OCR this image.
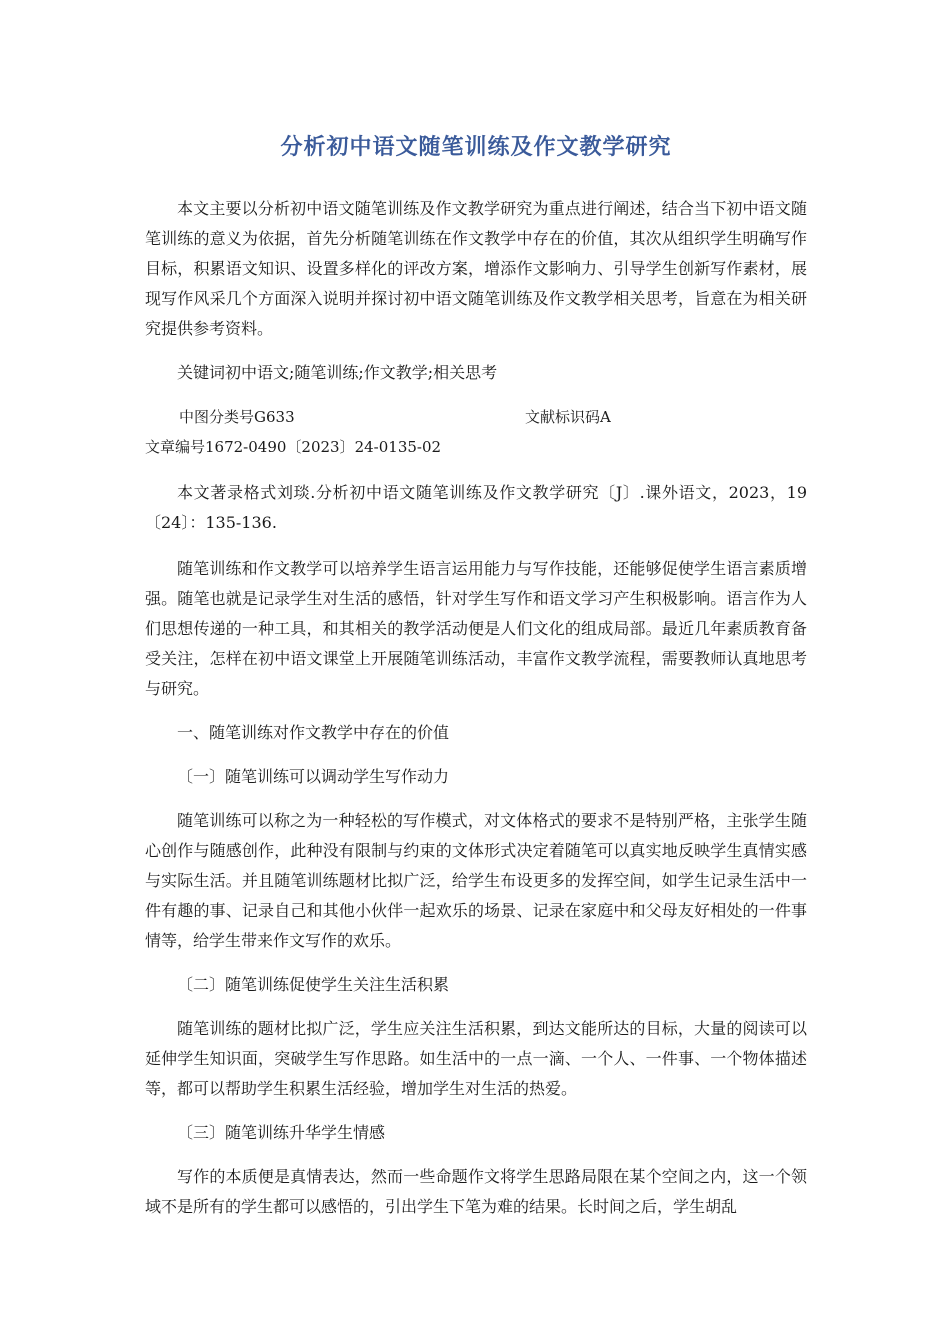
分析初中语文随笔训练及作文教学研究

本文主要以分析初中语文随笔训练及作文教学研究为重点进行阐述，结合当下初中语文随笔训练的意义为依据，首先分析随笔训练在作文教学中存在的价值，其次从组织学生明确写作目标，积累语文知识、设置多样化的评改方案，增添作文影响力、引导学生创新写作素材，展现写作风采几个方面深入说明并探讨初中语文随笔训练及作文教学相关思考，旨意在为相关研究提供参考资料。

关键词初中语文;随笔训练;作文教学;相关思考

中图分类号G633	文献标识码A
文章编号1672-0490〔2023〕24-0135-02

本文著录格式刘琰.分析初中语文随笔训练及作文教学研究〔J〕.课外语文，2023，19〔24〕：135-136.

随笔训练和作文教学可以培养学生语言运用能力与写作技能，还能够促使学生语言素质增强。随笔也就是记录学生对生活的感悟，针对学生写作和语文学习产生积极影响。语言作为人们思想传递的一种工具，和其相关的教学活动便是人们文化的组成局部。最近几年素质教育备受关注，怎样在初中语文课堂上开展随笔训练活动，丰富作文教学流程，需要教师认真地思考与研究。

一、随笔训练对作文教学中存在的价值
〔一〕随笔训练可以调动学生写作动力

随笔训练可以称之为一种轻松的写作模式，对文体格式的要求不是特别严格，主张学生随心创作与随感创作，此种没有限制与约束的文体形式决定着随笔可以真实地反映学生真情实感与实际生活。并且随笔训练题材比拟广泛，给学生布设更多的发挥空间，如学生记录生活中一件有趣的事、记录自己和其他小伙伴一起欢乐的场景、记录在家庭中和父母友好相处的一件事情等，给学生带来作文写作的欢乐。

〔二〕随笔训练促使学生关注生活积累

随笔训练的题材比拟广泛，学生应关注生活积累，到达文能所达的目标，大量的阅读可以延伸学生知识面，突破学生写作思路。如生活中的一点一滴、一个人、一件事、一个物体描述等，都可以帮助学生积累生活经验，增加学生对生活的热爱。

〔三〕随笔训练升华学生情感

写作的本质便是真情表达，然而一些命题作文将学生思路局限在某个空间之内，这一个领域不是所有的学生都可以感悟的，引出学生下笔为难的结果。长时间之后，学生胡乱
